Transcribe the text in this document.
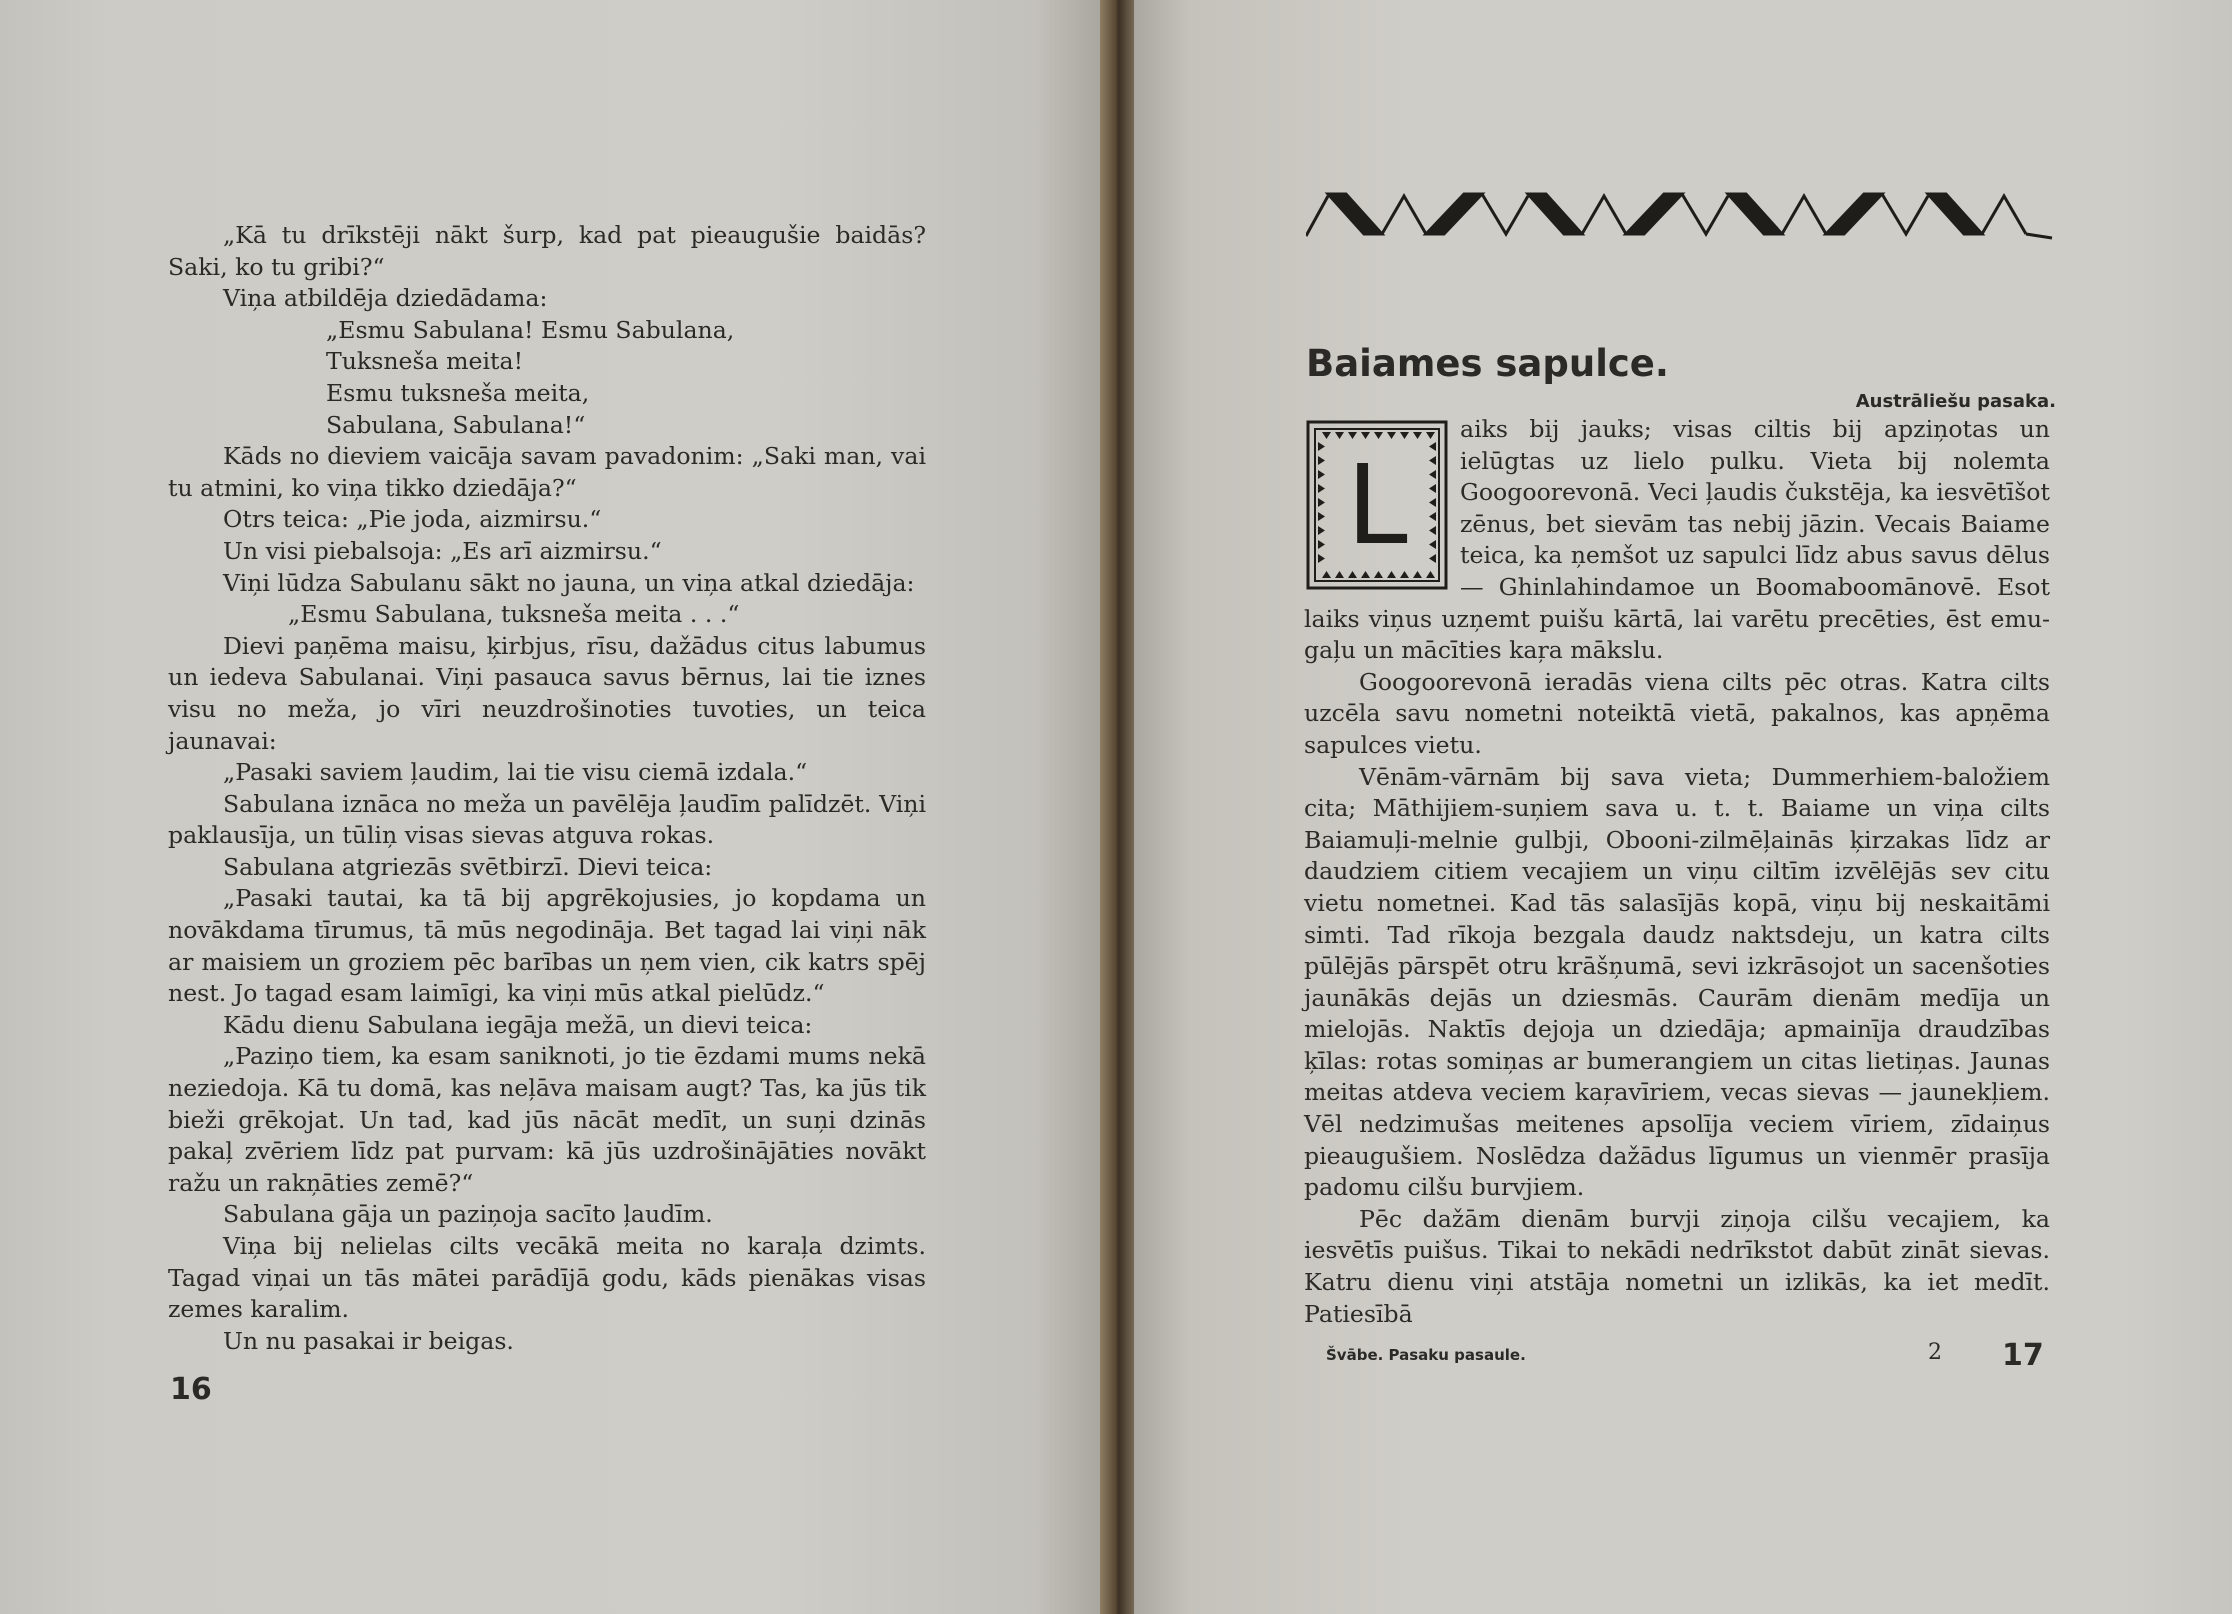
„Kā tu drīkstēji nākt šurp, kad pat pieaugušie baidās? Saki, ko tu gribi?“

Viņa atbildēja dziedādama:

„Esmu Sabulana! Esmu Sabulana,

Tuksneša meita!

Esmu tuksneša meita,

Sabulana, Sabulana!“

Kāds no dieviem vaicāja savam pavadonim: „Saki man, vai tu atmini, ko viņa tikko dziedāja?“

Otrs teica: „Pie joda, aizmirsu.“

Un visi piebalsoja: „Es arī aizmirsu.“

Viņi lūdza Sabulanu sākt no jauna, un viņa atkal dziedāja:

„Esmu Sabulana, tuksneša meita . . .“

Dievi paņēma maisu, ķirbjus, rīsu, dažādus citus labumus un iedeva Sabulanai. Viņi pasauca savus bērnus, lai tie iznes visu no meža, jo vīri neuzdrošinoties tuvoties, un teica jaunavai:

„Pasaki saviem ļaudim, lai tie visu ciemā izdala.“

Sabulana iznāca no meža un pavēlēja ļaudīm palīdzēt. Viņi paklausīja, un tūliņ visas sievas atguva rokas.

Sabulana atgriezās svētbirzī. Dievi teica:

„Pasaki tautai, ka tā bij apgrēkojusies, jo kopdama un novākdama tīrumus, tā mūs negodināja. Bet tagad lai viņi nāk ar maisiem un groziem pēc barības un ņem vien, cik katrs spēj nest. Jo tagad esam laimīgi, ka viņi mūs atkal pielūdz.“

Kādu dienu Sabulana iegāja mežā, un dievi teica:

„Paziņo tiem, ka esam saniknoti, jo tie ēzdami mums nekā neziedoja. Kā tu domā, kas neļāva maisam augt? Tas, ka jūs tik bieži grēkojat. Un tad, kad jūs nācāt medīt, un suņi dzinās pakaļ zvēriem līdz pat purvam: kā jūs uzdrošinājāties novākt ražu un rakņāties zemē?“

Sabulana gāja un paziņoja sacīto ļaudīm.

Viņa bij nelielas cilts vecākā meita no karaļa dzimts. Tagad viņai un tās mātei parādījā godu, kāds pienākas visas zemes karalim.

Un nu pasakai ir beigas.

16
Baiames sapulce.
Austrāliešu pasaka.

L
aiks bij jauks; visas ciltis bij apziņotas un ielūgtas uz lielo pulku. Vieta bij nolemta Googoorevonā. Veci ļaudis čukstēja, ka iesvētīšot zēnus, bet sievām tas nebij jāzin. Vecais Baiame teica, ka ņemšot uz sapulci līdz abus savus dēlus — Ghinlahindamoe un Boomaboomānovē. Esot laiks viņus uzņemt puišu kārtā, lai varētu precēties, ēst emu-gaļu un mācīties kaŗa mākslu.

Googoorevonā ieradās viena cilts pēc otras. Katra cilts uzcēla savu nometni noteiktā vietā, pakalnos, kas apņēma sapulces vietu.

Vēnām-vārnām bij sava vieta; Dummerhiem-baložiem cita; Māthijiem-suņiem sava u. t. t. Baiame un viņa cilts Baiamuļi-melnie gulbji, Obooni-zilmēļainās ķirzakas līdz ar daudziem citiem vecajiem un viņu ciltīm izvēlējās sev citu vietu nometnei. Kad tās salasījās kopā, viņu bij neskaitāmi simti. Tad rīkoja bezgala daudz naktsdeju, un katra cilts pūlējās pārspēt otru krāšņumā, sevi izkrāsojot un sacenšoties jaunākās dejās un dziesmās. Caurām dienām medīja un mielojās. Naktīs dejoja un dziedāja; apmainīja draudzības ķīlas: rotas somiņas ar bumerangiem un citas lietiņas. Jaunas meitas atdeva veciem kaŗavīriem, vecas sievas — jaunekļiem. Vēl nedzimušas meitenes apsolīja veciem vīriem, zīdaiņus pieaugušiem. Noslēdza dažādus līgumus un vienmēr prasīja padomu cilšu burvjiem.

Pēc dažām dienām burvji ziņoja cilšu vecajiem, ka iesvētīs puišus. Tikai to nekādi nedrīkstot dabūt zināt sievas. Katru dienu viņi atstāja nometni un izlikās, ka iet medīt. Patiesībā

Švābe. Pasaku pasaule.	2 17
